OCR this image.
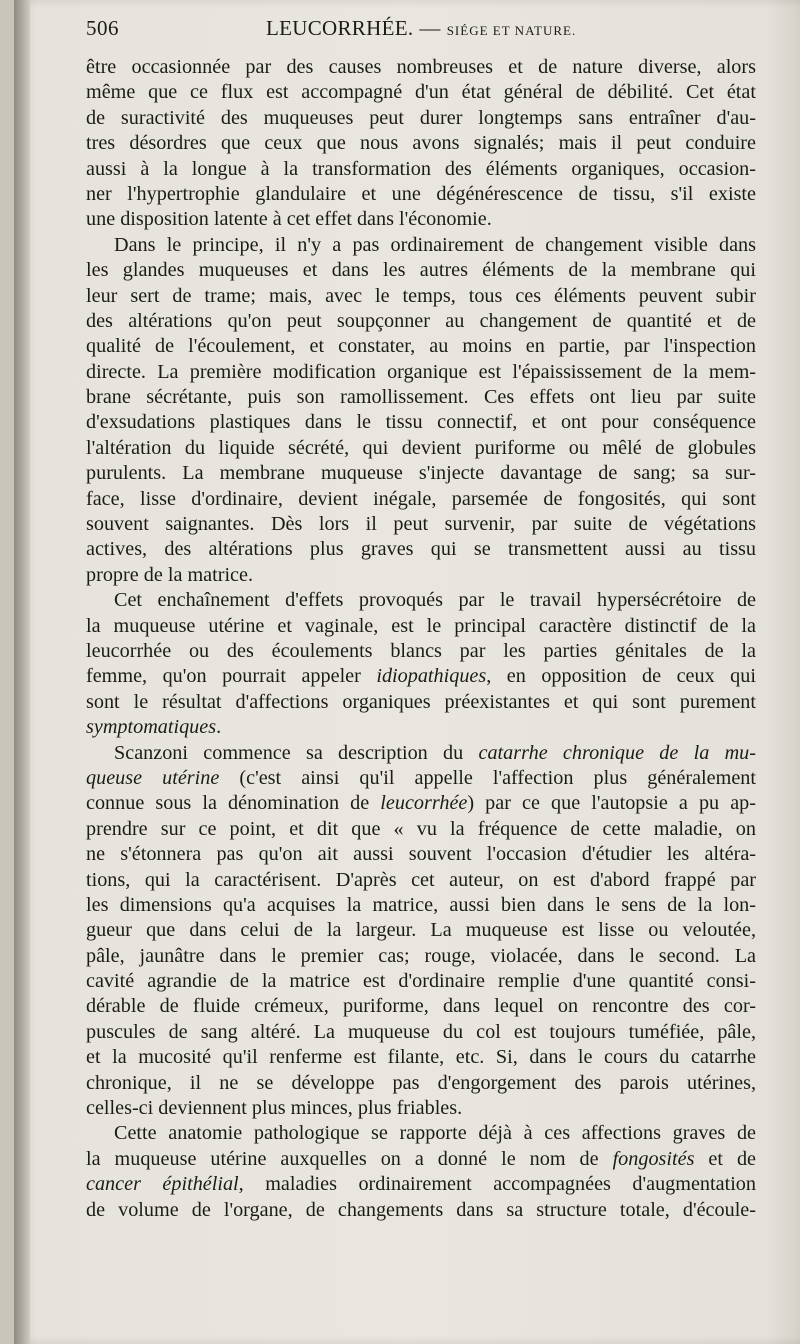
506	LEUCORRHÉE. — SIÉGE ET NATURE.
être occasionnée par des causes nombreuses et de nature diverse, alors
même que ce flux est accompagné d'un état général de débilité. Cet état
de suractivité des muqueuses peut durer longtemps sans entraîner d'au-
tres désordres que ceux que nous avons signalés; mais il peut conduire
aussi à la longue à la transformation des éléments organiques, occasion-
ner l'hypertrophie glandulaire et une dégénérescence de tissu, s'il existe
une disposition latente à cet effet dans l'économie.
Dans le principe, il n'y a pas ordinairement de changement visible dans
les glandes muqueuses et dans les autres éléments de la membrane qui
leur sert de trame; mais, avec le temps, tous ces éléments peuvent subir
des altérations qu'on peut soupçonner au changement de quantité et de
qualité de l'écoulement, et constater, au moins en partie, par l'inspection
directe. La première modification organique est l'épaississement de la mem-
brane sécrétante, puis son ramollissement. Ces effets ont lieu par suite
d'exsudations plastiques dans le tissu connectif, et ont pour conséquence
l'altération du liquide sécrété, qui devient puriforme ou mêlé de globules
purulents. La membrane muqueuse s'injecte davantage de sang; sa sur-
face, lisse d'ordinaire, devient inégale, parsemée de fongosités, qui sont
souvent saignantes. Dès lors il peut survenir, par suite de végétations
actives, des altérations plus graves qui se transmettent aussi au tissu
propre de la matrice.
Cet enchaînement d'effets provoqués par le travail hypersécrétoire de
la muqueuse utérine et vaginale, est le principal caractère distinctif de la
leucorrhée ou des écoulements blancs par les parties génitales de la
femme, qu'on pourrait appeler idiopathiques, en opposition de ceux qui
sont le résultat d'affections organiques préexistantes et qui sont purement
symptomatiques.
Scanzoni commence sa description du catarrhe chronique de la mu-
queuse utérine (c'est ainsi qu'il appelle l'affection plus généralement
connue sous la dénomination de leucorrhée) par ce que l'autopsie a pu ap-
prendre sur ce point, et dit que « vu la fréquence de cette maladie, on
ne s'étonnera pas qu'on ait aussi souvent l'occasion d'étudier les altéra-
tions, qui la caractérisent. D'après cet auteur, on est d'abord frappé par
les dimensions qu'a acquises la matrice, aussi bien dans le sens de la lon-
gueur que dans celui de la largeur. La muqueuse est lisse ou veloutée,
pâle, jaunâtre dans le premier cas; rouge, violacée, dans le second. La
cavité agrandie de la matrice est d'ordinaire remplie d'une quantité consi-
dérable de fluide crémeux, puriforme, dans lequel on rencontre des cor-
puscules de sang altéré. La muqueuse du col est toujours tuméfiée, pâle,
et la mucosité qu'il renferme est filante, etc. Si, dans le cours du catarrhe
chronique, il ne se développe pas d'engorgement des parois utérines,
celles-ci deviennent plus minces, plus friables.
Cette anatomie pathologique se rapporte déjà à ces affections graves de
la muqueuse utérine auxquelles on a donné le nom de fongosités et de
cancer épithélial, maladies ordinairement accompagnées d'augmentation
de volume de l'organe, de changements dans sa structure totale, d'écoule-
